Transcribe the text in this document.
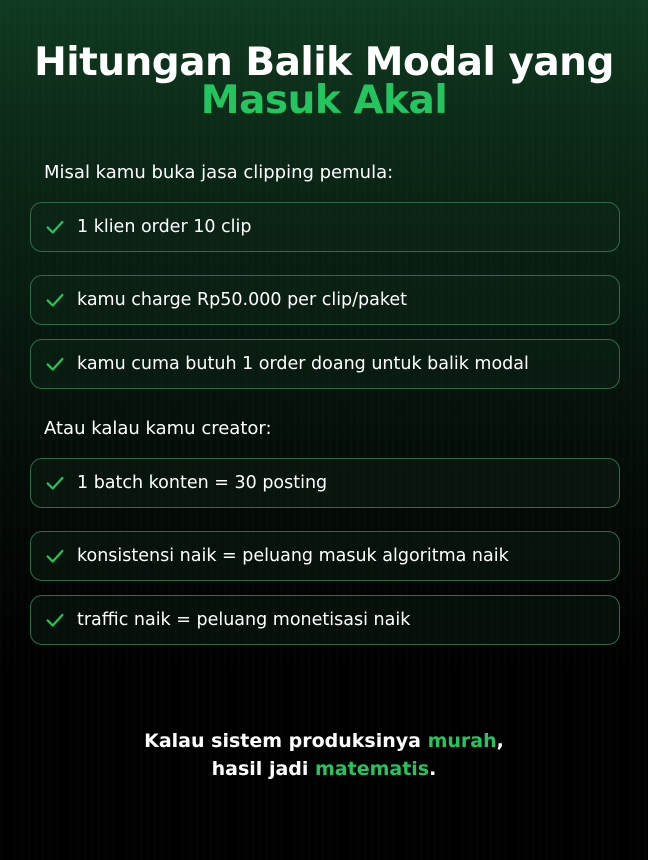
Hitungan Balik Modal yang
Masuk Akal
Misal kamu buka jasa clipping pemula:
1 klien order 10 clip
kamu charge Rp50.000 per clip/paket
kamu cuma butuh 1 order doang untuk balik modal
Atau kalau kamu creator:
1 batch konten = 30 posting
konsistensi naik = peluang masuk algoritma naik
traffic naik = peluang monetisasi naik
Kalau sistem produksinya murah,
hasil jadi matematis.
